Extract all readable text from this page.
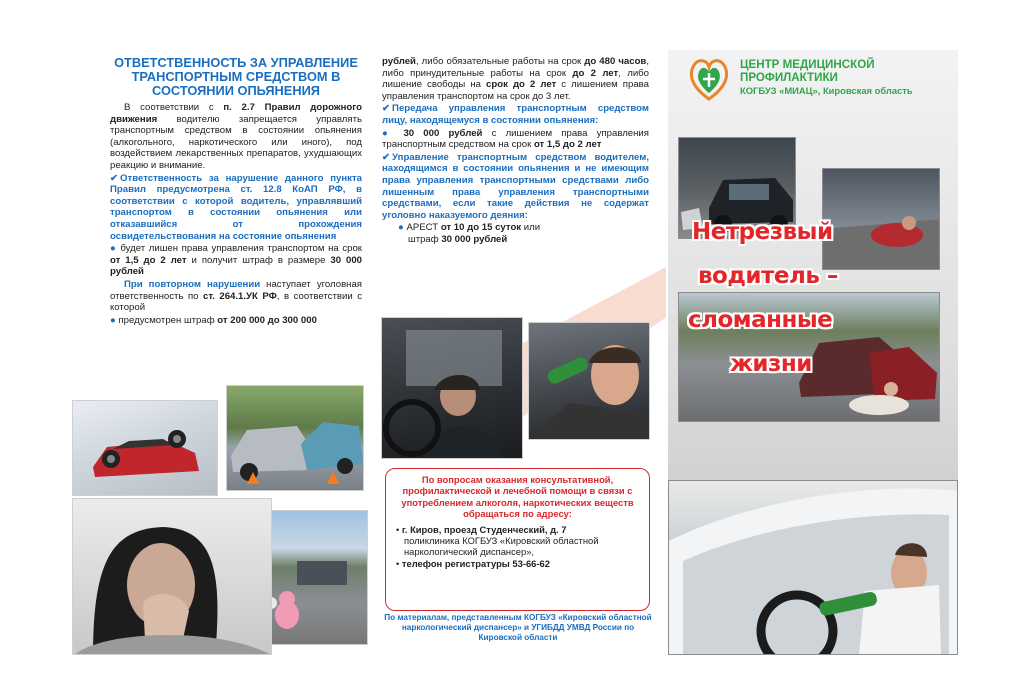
ОТВЕТСТВЕННОСТЬ ЗА УПРАВЛЕНИЕ ТРАНСПОРТНЫМ СРЕДСТВОМ В СОСТОЯНИИ ОПЬЯНЕНИЯ
В соответствии с п. 2.7 Правил дорожного движения водителю запрещается управлять транспортным средством в состоянии опьянения (алкогольного, наркотического или иного), под воздействием лекарственных препаратов, ухудшающих реакцию и внимание.
✔ Ответственность за нарушение данного пункта Правил предусмотрена ст. 12.8 КоАП РФ, в соответствии с которой водитель, управлявший транспортом в состоянии опьянения или отказавшийся от прохождения освидетельствования на состояние опьянения
● будет лишен права управления транспортом на срок от 1,5 до 2 лет и получит штраф в размере 30 000 рублей
При повторном нарушении наступает уголовная ответственность по ст. 264.1.УК РФ, в соответствии с которой
● предусмотрен штраф от 200 000 до 300 000
рублей, либо обязательные работы на срок до 480 часов, либо принудительные работы на срок до 2 лет, либо лишение свободы на срок до 2 лет с лишением права управления транспортом на срок до 3 лет.
✔ Передача управления транспортным средством лицу, находящемуся в состоянии опьянения:
● 30 000 рублей с лишением права управления транспортным средством на срок от 1,5 до 2 лет
✔ Управление транспортным средством водителем, находящимся в состоянии опьянения и не имеющим права управления транспортными средствами либо лишенным права управления транспортными средствами, если такие действия не содержат уголовно наказуемого деяния:
● АРЕСТ от 10 до 15 суток или
штраф 30 000 рублей
По вопросам оказания консультативной, профилактической и лечебной помощи в связи с употреблением алкоголя, наркотических веществ обращаться по адресу:
• г. Киров, проезд Студенческий, д. 7
поликлиника КОГБУЗ «Кировский областной наркологический диспансер»,
• телефон регистратуры 53-66-62
По материалам, представленным КОГБУЗ «Кировский областной наркологический диспансер» и УГИБДД УМВД России по Кировской области
ЦЕНТР МЕДИЦИНСКОЙ
ПРОФИЛАКТИКИ
КОГБУЗ «МИАЦ», Кировская область
Нетрезвый
водитель –
сломанные
жизни
